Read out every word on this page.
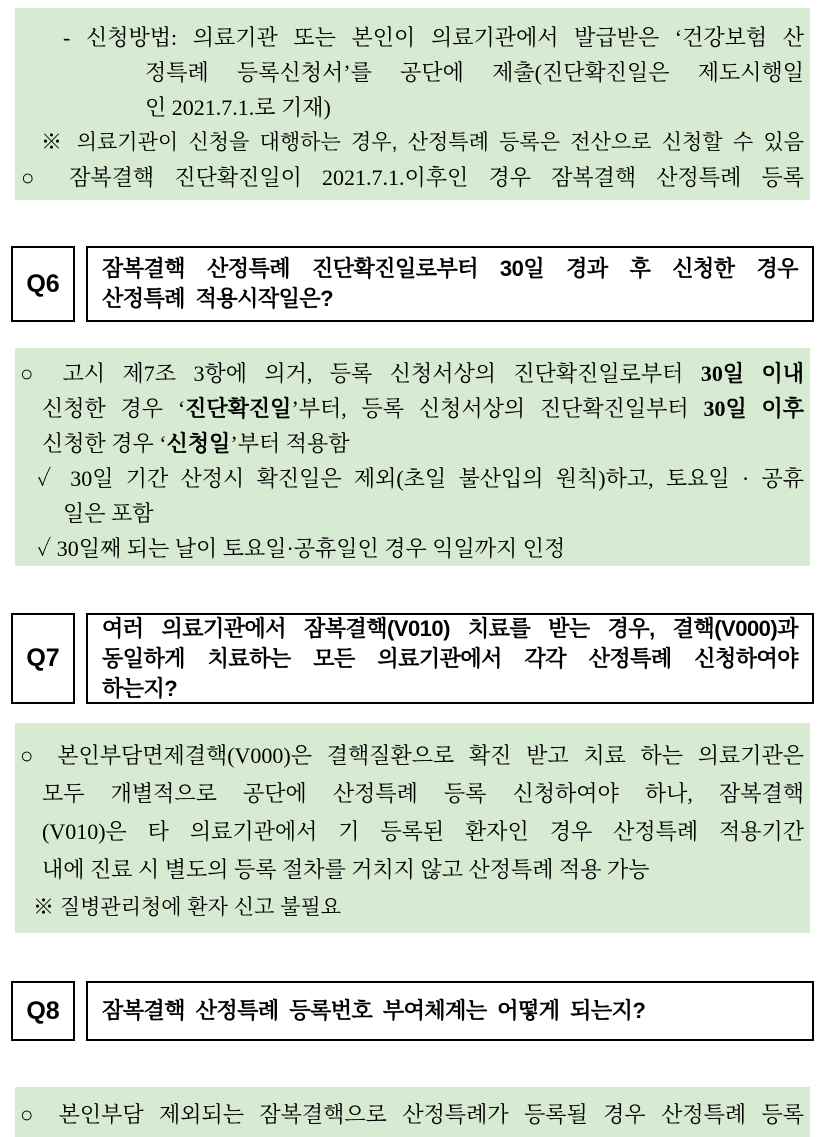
- 신청방법: 의료기관 또는 본인이 의료기관에서 발급받은 ‘건강보험 산
정특례 등록신청서’를 공단에 제출(진단확진일은 제도시행일
인 2021.7.1.로 기재)
※ 의료기관이 신청을 대행하는 경우, 산정특례 등록은 전산으로 신청할 수 있음
○ 잠복결핵 진단확진일이 2021.7.1.이후인 경우 잠복결핵 산정특례 등록
Q6
잠복결핵 산정특례 진단확진일로부터 30일 경과 후 신청한 경우
산정특례 적용시작일은?
○ 고시 제7조 3항에 의거, 등록 신청서상의 진단확진일로부터 30일 이내
신청한 경우 ‘진단확진일’부터, 등록 신청서상의 진단확진일부터 30일 이후
신청한 경우 ‘신청일’부터 적용함
✓ 30일 기간 산정시 확진일은 제외(초일 불산입의 원칙)하고, 토요일 · 공휴
일은 포함
✓ 30일째 되는 날이 토요일·공휴일인 경우 익일까지 인정
Q7
여러 의료기관에서 잠복결핵(V010) 치료를 받는 경우, 결핵(V000)과
동일하게 치료하는 모든 의료기관에서 각각 산정특례 신청하여야
하는지?
○ 본인부담면제결핵(V000)은 결핵질환으로 확진 받고 치료 하는 의료기관은
모두 개별적으로 공단에 산정특례 등록 신청하여야 하나, 잠복결핵
(V010)은 타 의료기관에서 기 등록된 환자인 경우 산정특례 적용기간
내에 진료 시 별도의 등록 절차를 거치지 않고 산정특례 적용 가능
※ 질병관리청에 환자 신고 불필요
Q8	잠복결핵 산정특례 등록번호 부여체계는 어떻게 되는지?
○ 본인부담 제외되는 잠복결핵으로 산정특례가 등록될 경우 산정특례 등록
